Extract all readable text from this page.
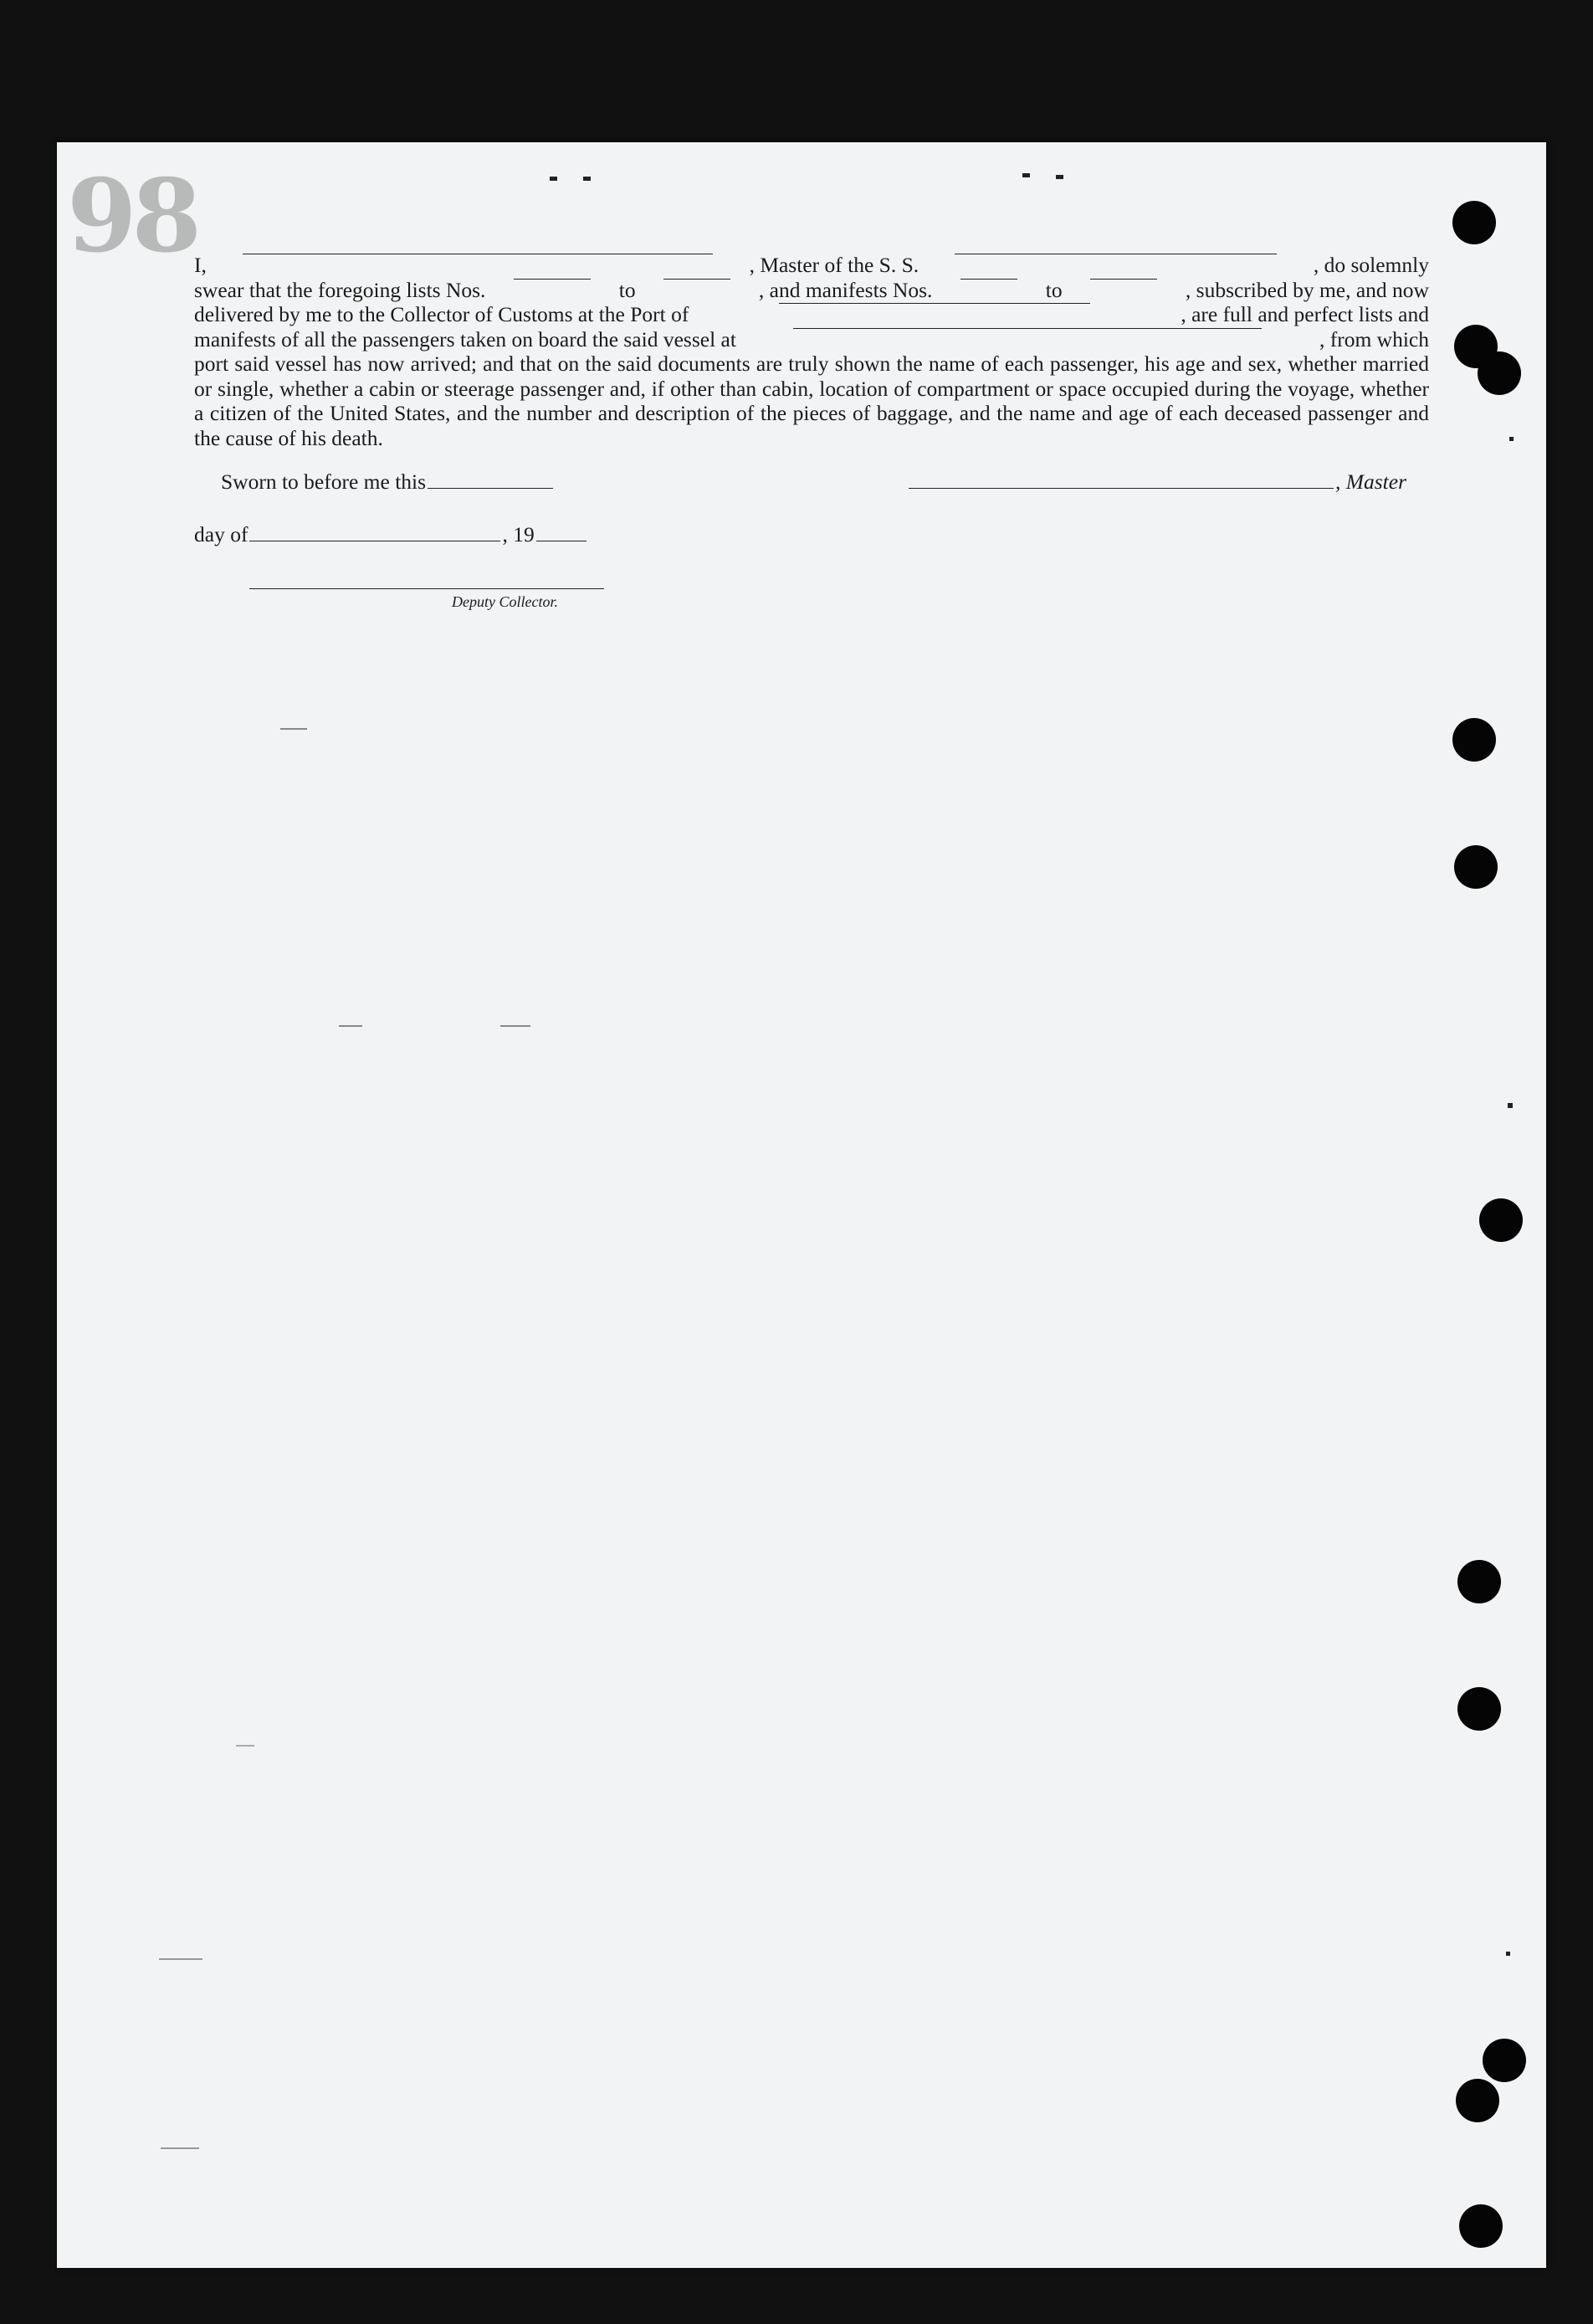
98

I,	, Master of the S. S.	, do solemnly

swear that the foregoing lists Nos.	to	, and manifests Nos.	to	, subscribed by me, and now

delivered by me to the Collector of Customs at the Port of	, are full and perfect lists and

manifests of all the passengers taken on board the said vessel at	, from which

port said vessel has now arrived; and that on the said documents are truly shown the name of each passenger, his age and sex, whether married or single, whether a cabin or steerage passenger and, if other than cabin, location of compartment or space occupied during the voyage, whether a citizen of the United States, and the number and description of the pieces of baggage, and the name and age of each deceased passenger and the cause of his death.

Sworn to before me this	, Master
day of	, 19
Deputy Collector.
